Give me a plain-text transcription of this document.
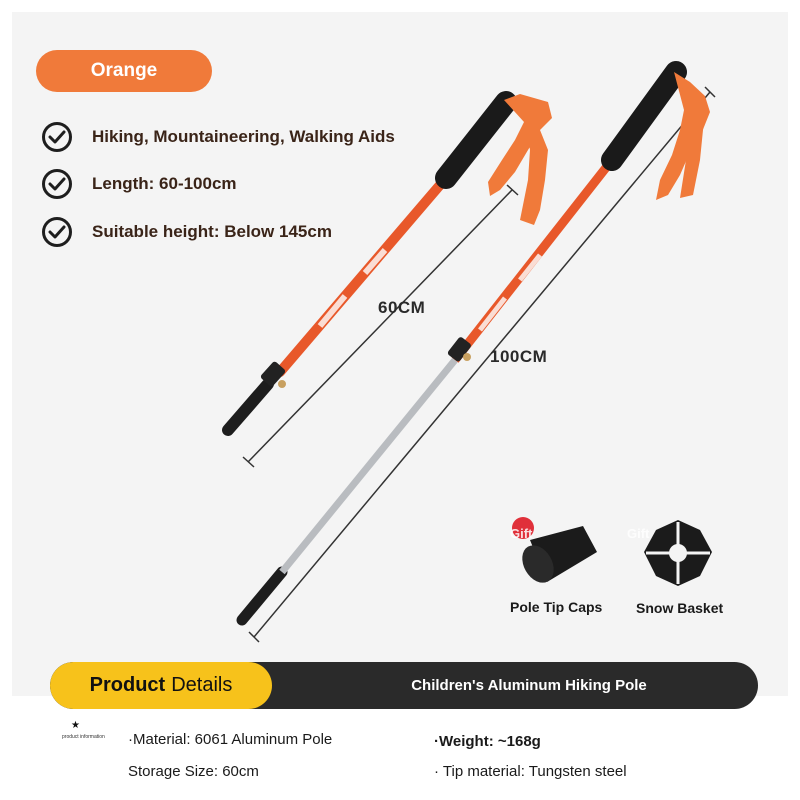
Orange
Hiking, Mountaineering, Walking Aids
Length: 60-100cm
Suitable height: Below 145cm
60CM
100CM
Gift	Gift
Pole Tip Caps Snow Basket
Product Details	Children's Aluminum Hiking Pole
★
product information ·Material: 6061 Aluminum Pole
Storage Size: 60cm
·Weight: ~168g
· Tip material: Tungsten steel
